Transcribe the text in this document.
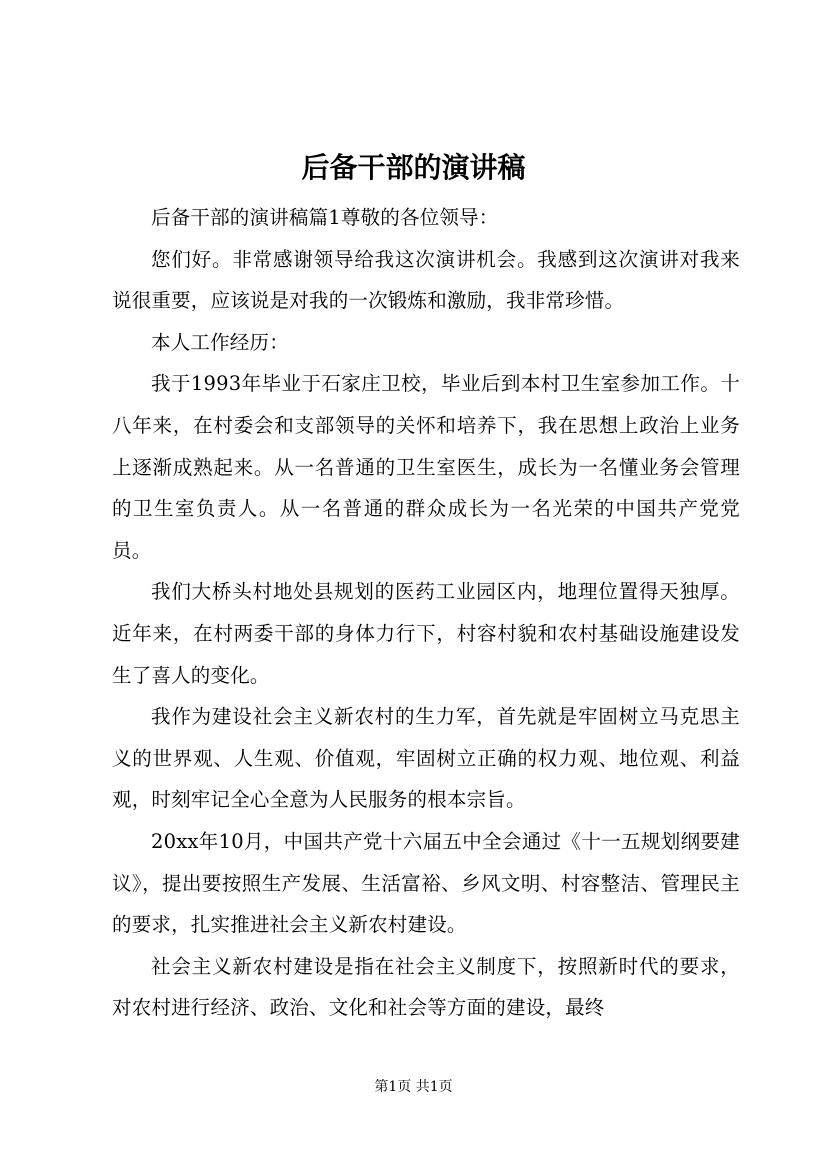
后备干部的演讲稿

后备干部的演讲稿篇1尊敬的各位领导：

您们好。非常感谢领导给我这次演讲机会。我感到这次演讲对我来说很重要，应该说是对我的一次锻炼和激励，我非常珍惜。

本人工作经历：

我于1993年毕业于石家庄卫校，毕业后到本村卫生室参加工作。十八年来，在村委会和支部领导的关怀和培养下，我在思想上政治上业务上逐渐成熟起来。从一名普通的卫生室医生，成长为一名懂业务会管理的卫生室负责人。从一名普通的群众成长为一名光荣的中国共产党党员。

我们大桥头村地处县规划的医药工业园区内，地理位置得天独厚。近年来，在村两委干部的身体力行下，村容村貌和农村基础设施建设发生了喜人的变化。

我作为建设社会主义新农村的生力军，首先就是牢固树立马克思主义的世界观、人生观、价值观，牢固树立正确的权力观、地位观、利益观，时刻牢记全心全意为人民服务的根本宗旨。

20xx年10月，中国共产党十六届五中全会通过《十一五规划纲要建议》，提出要按照生产发展、生活富裕、乡风文明、村容整洁、管理民主的要求，扎实推进社会主义新农村建设。

社会主义新农村建设是指在社会主义制度下，按照新时代的要求，对农村进行经济、政治、文化和社会等方面的建设，最终

第1页 共1页
